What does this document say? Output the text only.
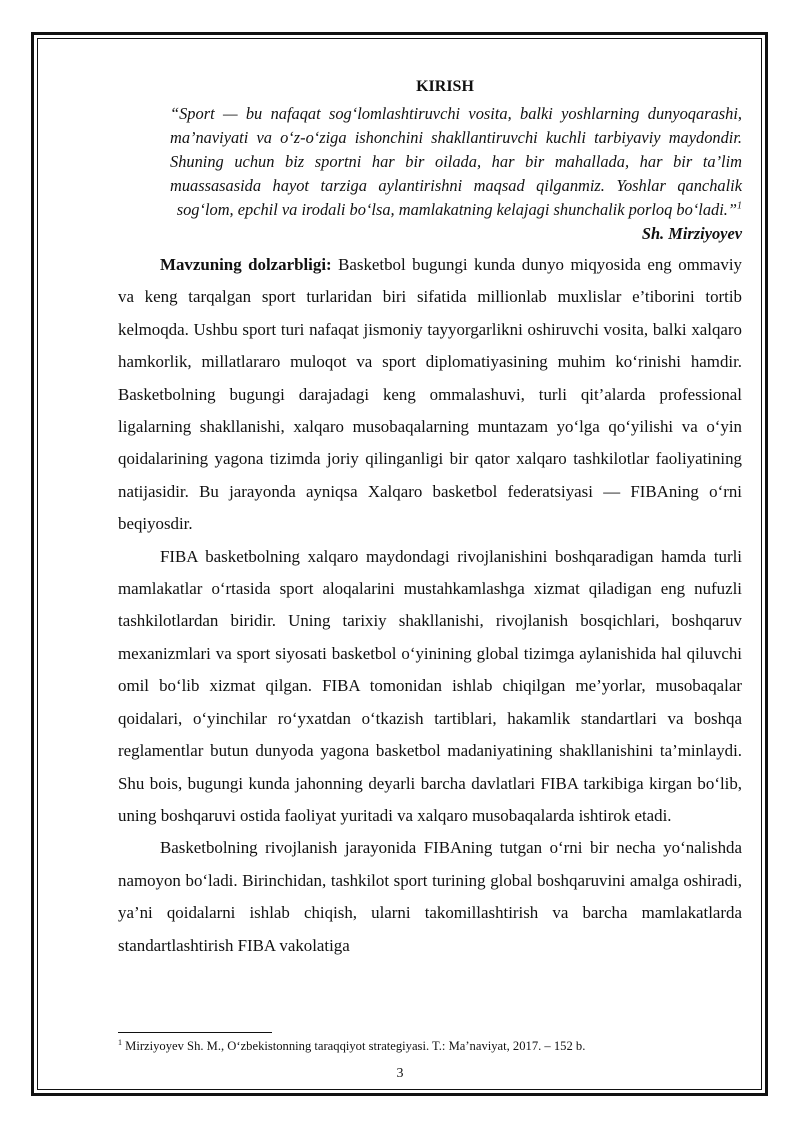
KIRISH

“Sport — bu nafaqat sog‘lomlashtiruvchi vosita, balki yoshlarning dunyoqarashi, ma’naviyati va o‘z-o‘ziga ishonchini shakllantiruvchi kuchli tarbiyaviy maydondir. Shuning uchun biz sportni har bir oilada, har bir mahallada, har bir ta’lim muassasasida hayot tarziga aylantirishni maqsad qilganmiz. Yoshlar qanchalik sog‘lom, epchil va irodali bo‘lsa, mamlakatning kelajagi shunchalik porloq bo‘ladi.”$^1$

Sh. Mirziyoyev

Mavzuning dolzarbligi: Basketbol bugungi kunda dunyo miqyosida eng ommaviy va keng tarqalgan sport turlaridan biri sifatida millionlab muxlislar e’tiborini tortib kelmoqda. Ushbu sport turi nafaqat jismoniy tayyorgarlikni oshiruvchi vosita, balki xalqaro hamkorlik, millatlararo muloqot va sport diplomatiyasining muhim ko‘rinishi hamdir. Basketbolning bugungi darajadagi keng ommalashuvi, turli qit’alarda professional ligalarning shakllanishi, xalqaro musobaqalarning muntazam yo‘lga qo‘yilishi va o‘yin qoidalarining yagona tizimda joriy qilinganligi bir qator xalqaro tashkilotlar faoliyatining natijasidir. Bu jarayonda ayniqsa Xalqaro basketbol federatsiyasi — FIBAning o‘rni beqiyosdir.

FIBA basketbolning xalqaro maydondagi rivojlanishini boshqaradigan hamda turli mamlakatlar o‘rtasida sport aloqalarini mustahkamlashga xizmat qiladigan eng nufuzli tashkilotlardan biridir. Uning tarixiy shakllanishi, rivojlanish bosqichlari, boshqaruv mexanizmlari va sport siyosati basketbol o‘yinining global tizimga aylanishida hal qiluvchi omil bo‘lib xizmat qilgan. FIBA tomonidan ishlab chiqilgan me’yorlar, musobaqalar qoidalari, o‘yinchilar ro‘yxatdan o‘tkazish tartiblari, hakamlik standartlari va boshqa reglamentlar butun dunyoda yagona basketbol madaniyatining shakllanishini ta’minlaydi. Shu bois, bugungi kunda jahonning deyarli barcha davlatlari FIBA tarkibiga kirgan bo‘lib, uning boshqaruvi ostida faoliyat yuritadi va xalqaro musobaqalarda ishtirok etadi.

Basketbolning rivojlanish jarayonida FIBAning tutgan o‘rni bir necha yo‘nalishda namoyon bo‘ladi. Birinchidan, tashkilot sport turining global boshqaruvini amalga oshiradi, ya’ni qoidalarni ishlab chiqish, ularni takomillashtirish va barcha mamlakatlarda standartlashtirish FIBA vakolatiga

$^1$ Mirziyoyev Sh. M., O‘zbekistonning taraqqiyot strategiyasi. T.: Ma’naviyat, 2017. – 152 b.
3
